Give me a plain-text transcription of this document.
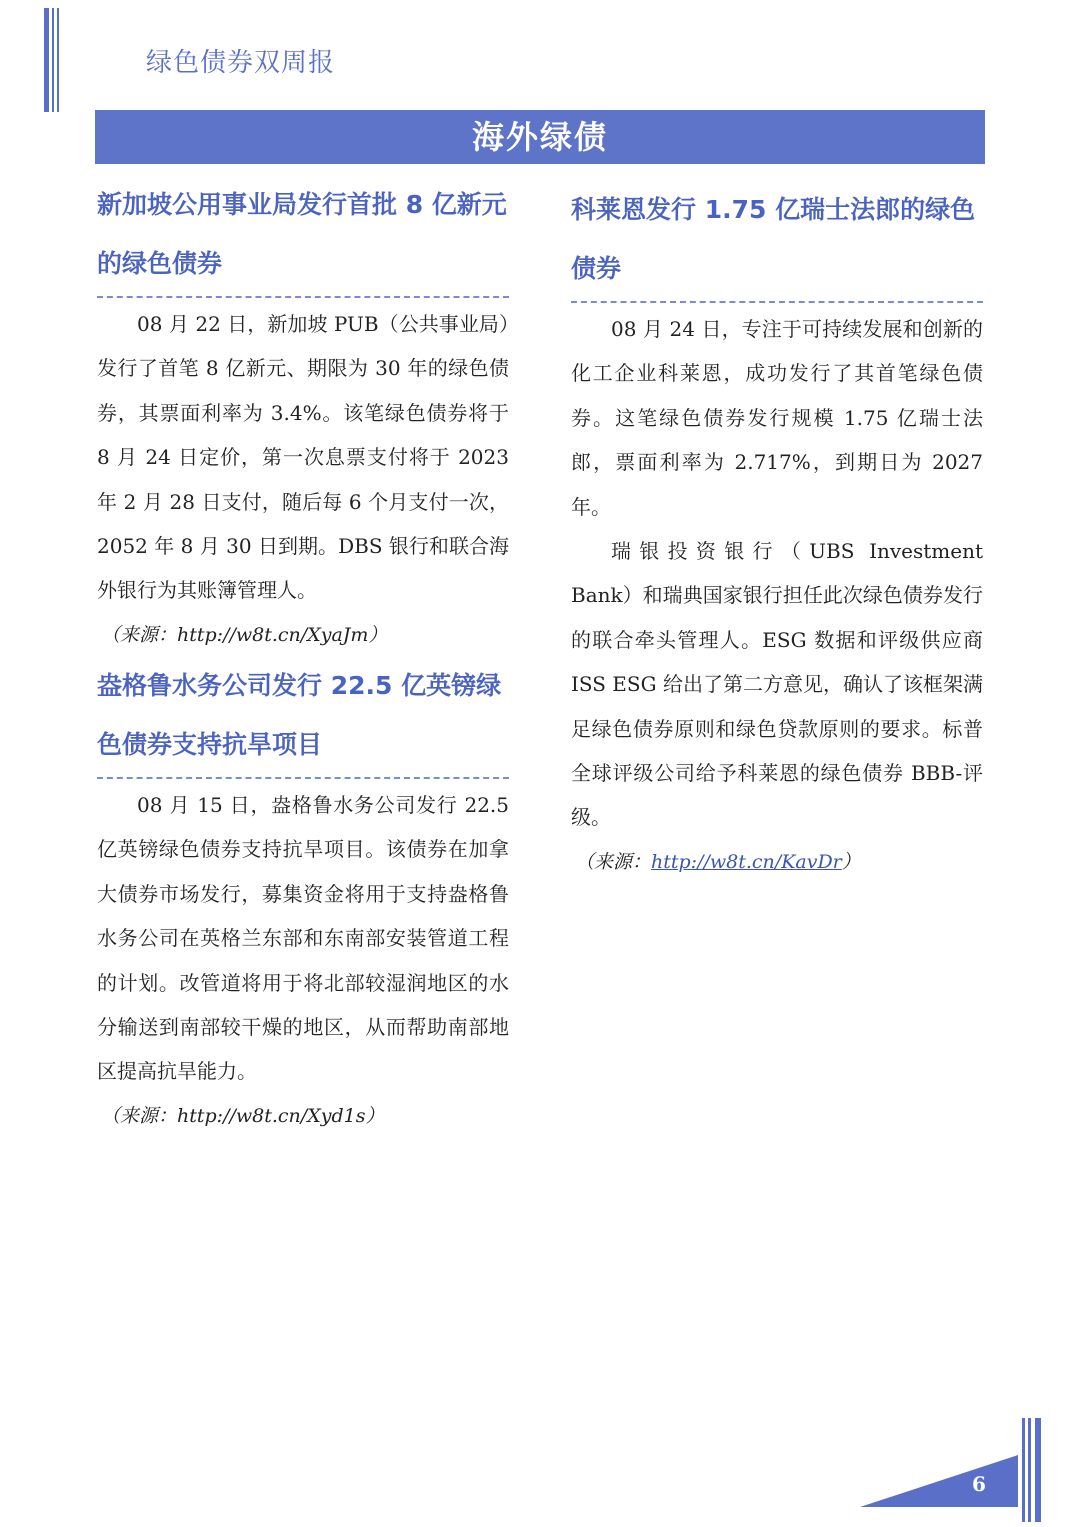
绿色债券双周报
海外绿债

新加坡公用事业局发行首批 8 亿新元

的绿色债券

08 月 22 日，新加坡 PUB（公共事业局）发行了首笔 8 亿新元、期限为 30 年的绿色债券，其票面利率为 3.4%。该笔绿色债券将于 8 月 24 日定价，第一次息票支付将于 2023 年 2 月 28 日支付，随后每 6 个月支付一次，2052 年 8 月 30 日到期。DBS 银行和联合海外银行为其账簿管理人。

（来源：http://w8t.cn/XyaJm）

盎格鲁水务公司发行 22.5 亿英镑绿

色债券支持抗旱项目

08 月 15 日，盎格鲁水务公司发行 22.5 亿英镑绿色债券支持抗旱项目。该债券在加拿大债券市场发行，募集资金将用于支持盎格鲁水务公司在英格兰东部和东南部安装管道工程的计划。改管道将用于将北部较湿润地区的水分输送到南部较干燥的地区，从而帮助南部地区提高抗旱能力。

（来源：http://w8t.cn/Xyd1s）

科莱恩发行 1.75 亿瑞士法郎的绿色

债券

08 月 24 日，专注于可持续发展和创新的化工企业科莱恩，成功发行了其首笔绿色债券。这笔绿色债券发行规模 1.75 亿瑞士法郎，票面利率为 2.717%，到期日为 2027 年。

瑞银投资银行（UBS Investment Bank）和瑞典国家银行担任此次绿色债券发行的联合牵头管理人。ESG 数据和评级供应商 ISS ESG 给出了第二方意见，确认了该框架满足绿色债券原则和绿色贷款原则的要求。标普全球评级公司给予科莱恩的绿色债券 BBB-评级。

（来源：http://w8t.cn/KavDr）

6
